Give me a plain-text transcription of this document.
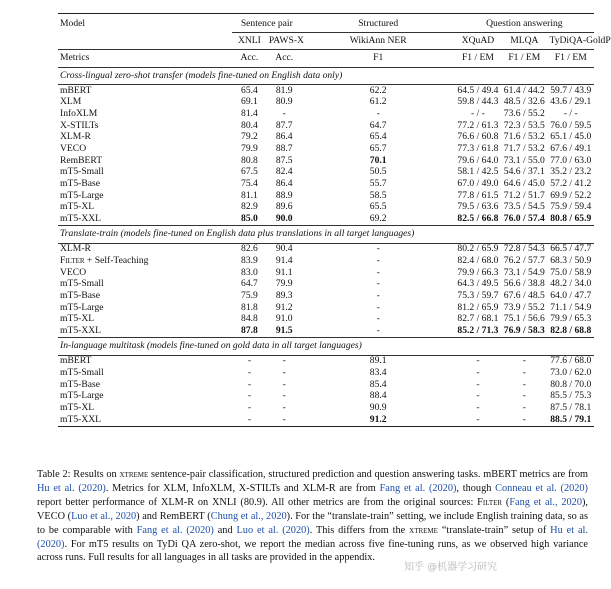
Model	Sentence pair		Structured	Question answering		
	XNLI	PAWS-X	WikiAnn NER	XQuAD	MLQA	TyDiQA-GoldP
Metrics	Acc.	Acc.	F1	F1 / EM	F1 / EM	F1 / EM
Cross-lingual zero-shot transfer (models fine-tuned on English data only)						
mBERT	65.4	81.9	62.2	64.5 / 49.4	61.4 / 44.2	59.7 / 43.9
XLM	69.1	80.9	61.2	59.8 / 44.3	48.5 / 32.6	43.6 / 29.1
InfoXLM	81.4	-	-	- / -	73.6 / 55.2	- / -
X-STILTs	80.4	87.7	64.7	77.2 / 61.3	72.3 / 53.5	76.0 / 59.5
XLM-R	79.2	86.4	65.4	76.6 / 60.8	71.6 / 53.2	65.1 / 45.0
VECO	79.9	88.7	65.7	77.3 / 61.8	71.7 / 53.2	67.6 / 49.1
RemBERT	80.8	87.5	70.1	79.6 / 64.0	73.1 / 55.0	77.0 / 63.0
mT5-Small	67.5	82.4	50.5	58.1 / 42.5	54.6 / 37.1	35.2 / 23.2
mT5-Base	75.4	86.4	55.7	67.0 / 49.0	64.6 / 45.0	57.2 / 41.2
mT5-Large	81.1	88.9	58.5	77.8 / 61.5	71.2 / 51.7	69.9 / 52.2
mT5-XL	82.9	89.6	65.5	79.5 / 63.6	73.5 / 54.5	75.9 / 59.4
mT5-XXL	85.0	90.0	69.2	82.5 / 66.8	76.0 / 57.4	80.8 / 65.9
Translate-train (models fine-tuned on English data plus translations in all target languages)						
XLM-R	82.6	90.4	-	80.2 / 65.9	72.8 / 54.3	66.5 / 47.7
Filter + Self-Teaching	83.9	91.4	-	82.4 / 68.0	76.2 / 57.7	68.3 / 50.9
VECO	83.0	91.1	-	79.9 / 66.3	73.1 / 54.9	75.0 / 58.9
mT5-Small	64.7	79.9	-	64.3 / 49.5	56.6 / 38.8	48.2 / 34.0
mT5-Base	75.9	89.3	-	75.3 / 59.7	67.6 / 48.5	64.0 / 47.7
mT5-Large	81.8	91.2	-	81.2 / 65.9	73.9 / 55.2	71.1 / 54.9
mT5-XL	84.8	91.0	-	82.7 / 68.1	75.1 / 56.6	79.9 / 65.3
mT5-XXL	87.8	91.5	-	85.2 / 71.3	76.9 / 58.3	82.8 / 68.8
In-language multitask (models fine-tuned on gold data in all target languages)						
mBERT	-	-	89.1	-	-	77.6 / 68.0
mT5-Small	-	-	83.4	-	-	73.0 / 62.0
mT5-Base	-	-	85.4	-	-	80.8 / 70.0
mT5-Large	-	-	88.4	-	-	85.5 / 75.3
mT5-XL	-	-	90.9	-	-	87.5 / 78.1
mT5-XXL	-	-	91.2	-	-	88.5 / 79.1
Table 2: Results on xtreme sentence-pair classification, structured prediction and question answering tasks. mBERT metrics are from Hu et al. (2020). Metrics for XLM, InfoXLM, X-STILTs and XLM-R are from Fang et al. (2020), though Conneau et al. (2020) report better performance of XLM-R on XNLI (80.9). All other metrics are from the original sources: Filter (Fang et al., 2020), VECO (Luo et al., 2020) and RemBERT (Chung et al., 2020). For the “translate-train” setting, we include English training data, so as to be comparable with Fang et al. (2020) and Luo et al. (2020). This differs from the xtreme “translate-train” setup of Hu et al. (2020). For mT5 results on TyDi QA zero-shot, we report the median across five fine-tuning runs, as we observed high variance across runs. Full results for all languages in all tasks are provided in the appendix.
知乎 @机器学习研究
